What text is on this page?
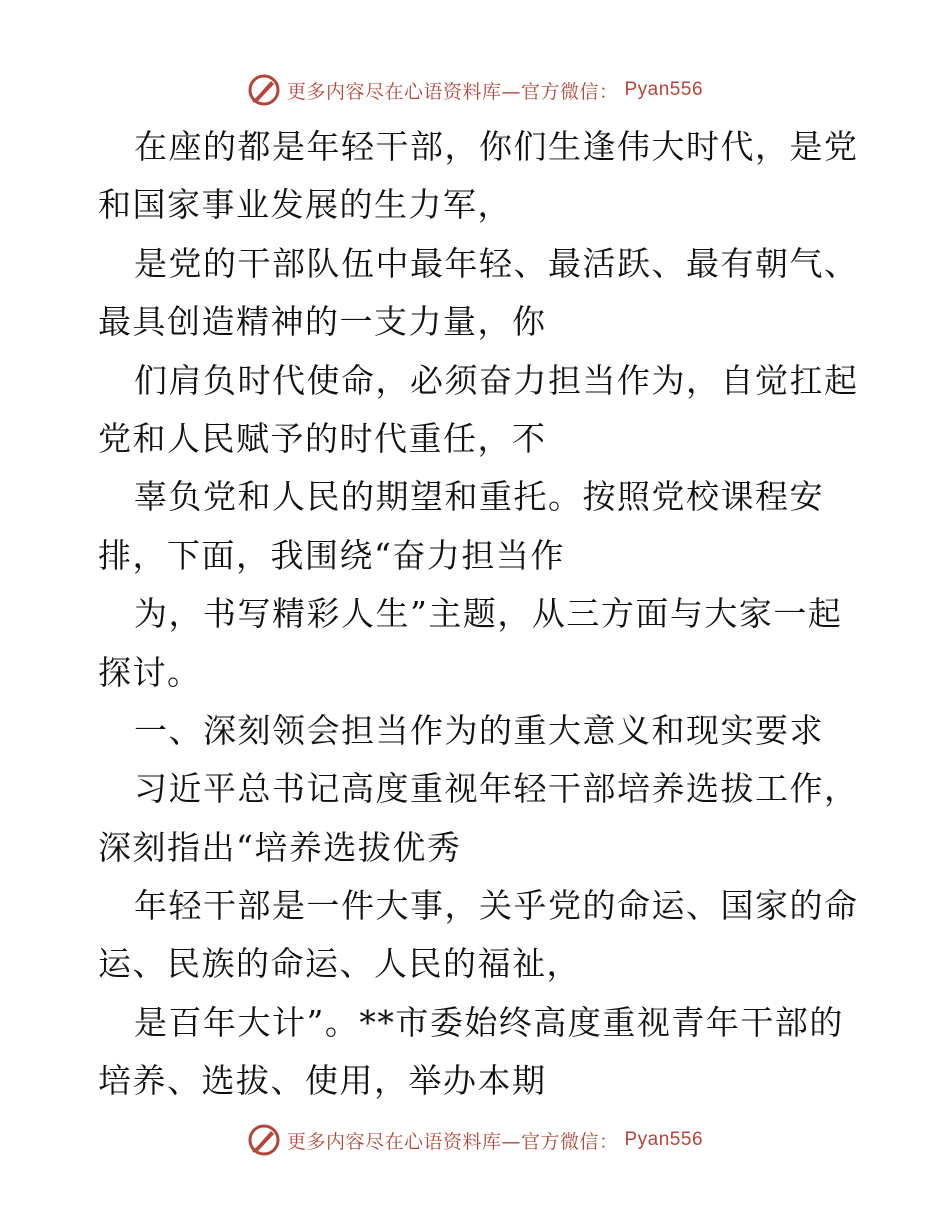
更多内容尽在心语资料库—官方微信： Pyan556
在座的都是年轻干部，你们生逢伟大时代，是党
和国家事业发展的生力军，
是党的干部队伍中最年轻、最活跃、最有朝气、
最具创造精神的一支力量，你
们肩负时代使命，必须奋力担当作为，自觉扛起
党和人民赋予的时代重任，不
辜负党和人民的期望和重托。按照党校课程安
排，下面，我围绕“奋力担当作
为，书写精彩人生”主题，从三方面与大家一起
探讨。
一、深刻领会担当作为的重大意义和现实要求
习近平总书记高度重视年轻干部培养选拔工作，
深刻指出“培养选拔优秀
年轻干部是一件大事，关乎党的命运、国家的命
运、民族的命运、人民的福祉，
是百年大计”。**市委始终高度重视青年干部的
培养、选拔、使用，举办本期
更多内容尽在心语资料库—官方微信： Pyan556
